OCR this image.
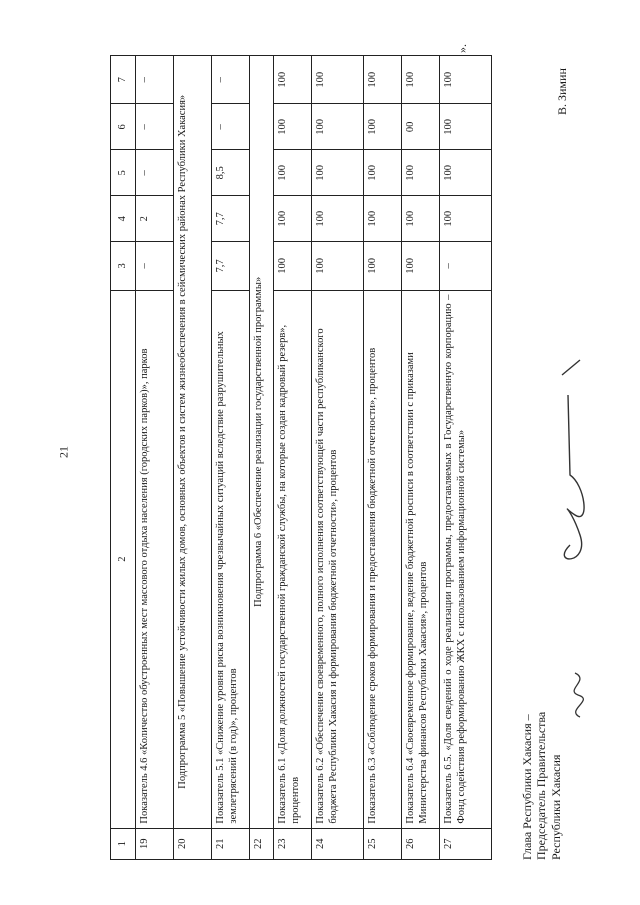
21
1	2	3	4	5	6	7
19	Показатель 4.6 «Количество обустроенных мест массового отдыха населения (городских парков)», парков	–	2	–	–	–
20	Подпрограмма 5 «Повышение устойчивости жилых домов, основных объектов и систем жизнеобеспечения в сейсмических районах Республики Хакасия»					
21	Показатель 5.1 «Снижение уровня риска возникновения чрезвычайных ситуаций вследствие разрушительных землетрясений (в год)», процентов	7,7	7,7	8,5	–	–
22	Подпрограмма 6 «Обеспечение реализации государственной программы»					
23	Показатель 6.1 «Доля должностей государственной гражданской службы, на которые создан кадровый резерв», процентов	100	100	100	100	100
24	Показатель 6.2 «Обеспечение своевременного, полного исполнения соответствующей части республиканского бюджета Республики Хакасия и формирования бюджетной отчетности», процентов	100	100	100	100	100
25	Показатель 6.3 «Соблюдение сроков формирования и предоставления бюджетной отчетности», процентов	100	100	100	100	100
26	Показатель 6.4 «Своевременное формирование, ведение бюджетной росписи в соответствии с приказами Министерства финансов Республики Хакасия», процентов	100	100	100	00	100
27	Показатель 6.5. «Доля сведений о ходе реализации программы, предоставляемых в Государственную корпорацию – Фонд содействия реформированию ЖКХ с использованием информационной системы»	–	100	100	100	100
».
Глава Республики Хакасия – Председатель Правительства Республики Хакасия
В. Зимин
